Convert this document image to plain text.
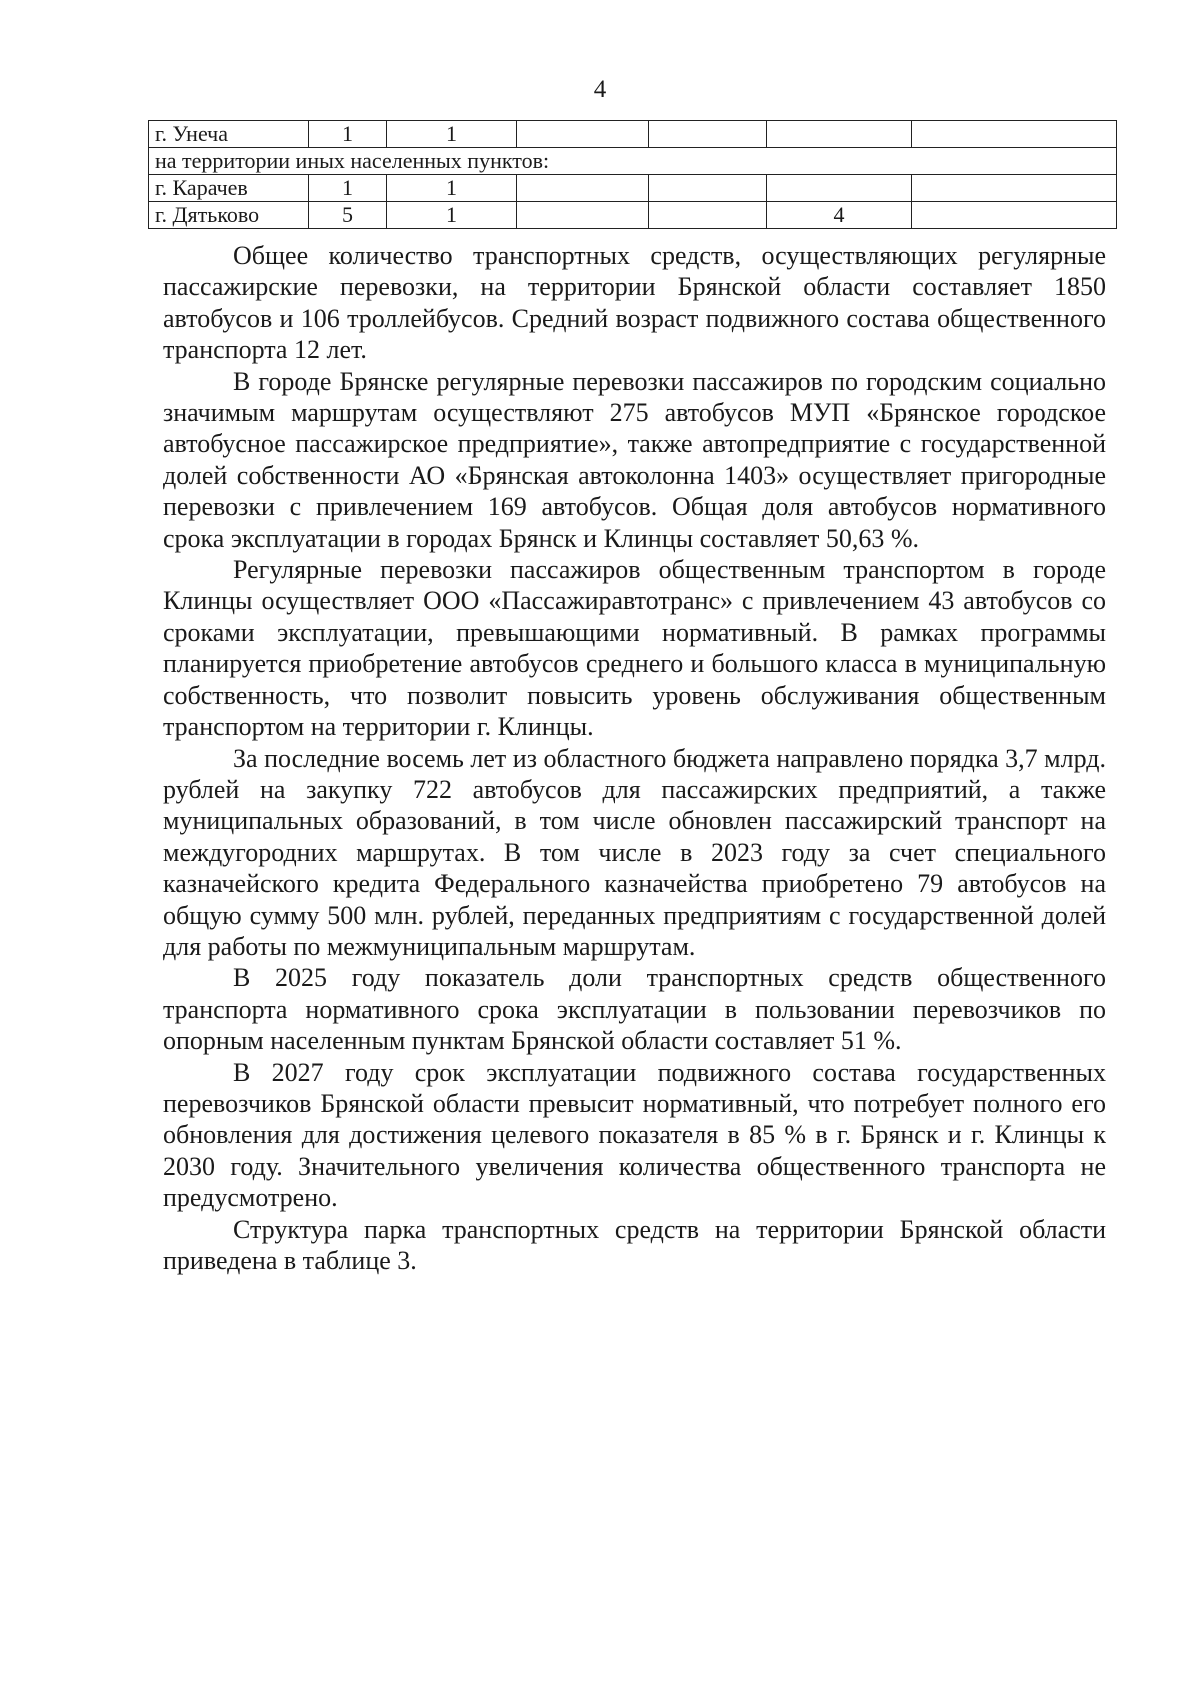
4
г. Унеча	1	1				
на территории иных населенных пунктов:						
г. Карачев	1	1				
г. Дятьково	5	1			4	

Общее количество транспортных средств, осуществляющих регулярные пассажирские перевозки, на территории Брянской области составляет 1850 автобусов и 106 троллейбусов. Средний возраст подвижного состава общественного транспорта 12 лет.

В городе Брянске регулярные перевозки пассажиров по городским социально значимым маршрутам осуществляют 275 автобусов МУП «Брянское городское автобусное пассажирское предприятие», также автопредприятие с государственной долей собственности АО «Брянская автоколонна 1403» осуществляет пригородные перевозки с привлечением 169 автобусов. Общая доля автобусов нормативного срока эксплуатации в городах Брянск и Клинцы составляет 50,63 %.

Регулярные перевозки пассажиров общественным транспортом в городе Клинцы осуществляет ООО «Пассажиравтотранс» с привлечением 43 автобусов со сроками эксплуатации, превышающими нормативный. В рамках программы планируется приобретение автобусов среднего и большого класса в муниципальную собственность, что позволит повысить уровень обслуживания общественным транспортом на территории г. Клинцы.

За последние восемь лет из областного бюджета направлено порядка 3,7 млрд. рублей на закупку 722 автобусов для пассажирских предприятий, а также муниципальных образований, в том числе обновлен пассажирский транспорт на междугородних маршрутах. В том числе в 2023 году за счет специального казначейского кредита Федерального казначейства приобретено 79 автобусов на общую сумму 500 млн. рублей, переданных предприятиям с государственной долей для работы по межмуниципальным маршрутам.

В 2025 году показатель доли транспортных средств общественного транспорта нормативного срока эксплуатации в пользовании перевозчиков по опорным населенным пунктам Брянской области составляет 51 %.

В 2027 году срок эксплуатации подвижного состава государственных перевозчиков Брянской области превысит нормативный, что потребует полного его обновления для достижения целевого показателя в 85 % в г. Брянск и г. Клинцы к 2030 году. Значительного увеличения количества общественного транспорта не предусмотрено.

Структура парка транспортных средств на территории Брянской области приведена в таблице 3.
